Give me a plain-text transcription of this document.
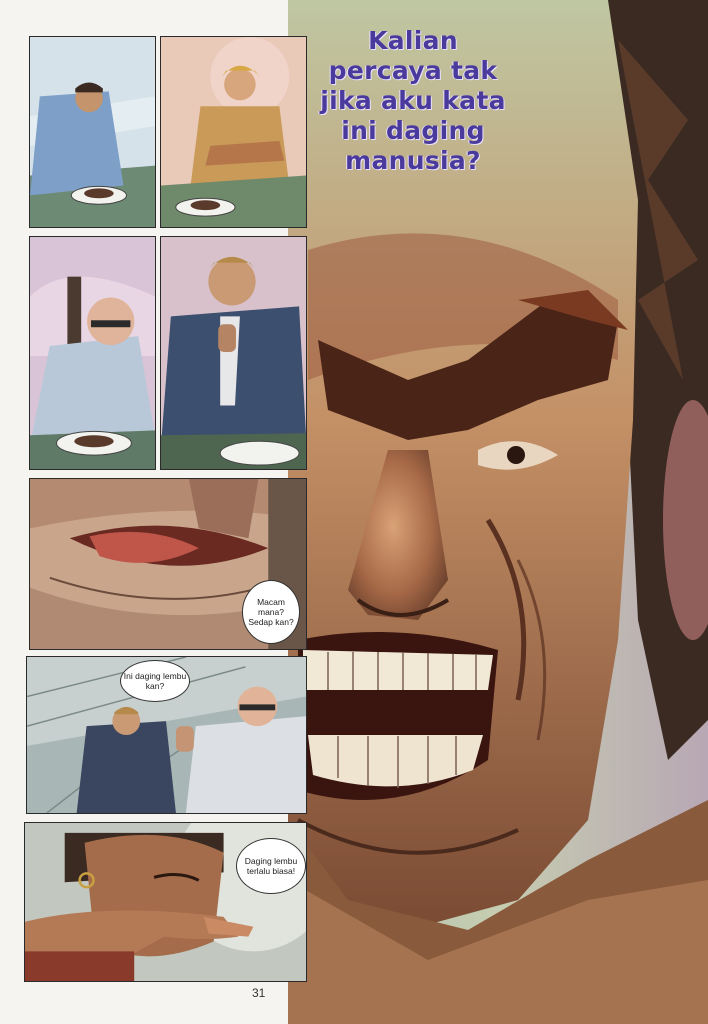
Kalian percaya tak jika aku kata ini daging manusia?
Macam mana? Sedap kan?
Ini daging lembu kan?
Daging lembu terlalu biasa!
31
